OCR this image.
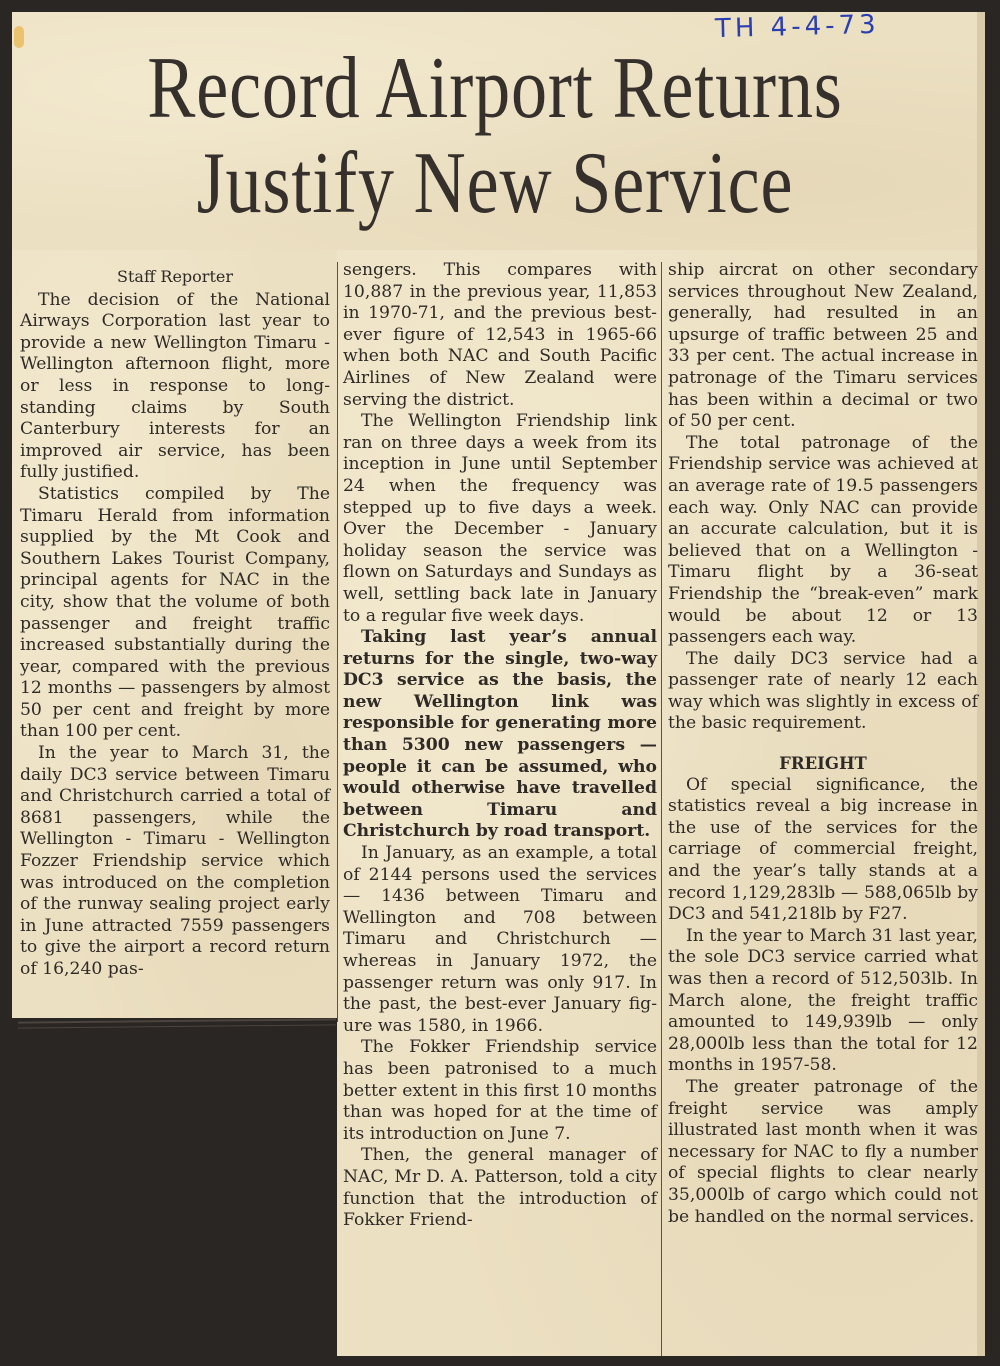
TH 4-4-73
Record Airport Returns
Justify New Service

Staff Reporter

The decision of the National Airways Corporation last year to provide a new Wellington Timaru - Wellington afternoon flight, more or less in response to long-standing claims by South Canterbury interests for an improved air service, has been fully justified.

Statistics compiled by The Timaru Herald from information supplied by the Mt Cook and Southern Lakes Tourist Company, principal agents for NAC in the city, show that the volume of both passenger and freight traffic increased substantially during the year, compared with the previous 12 months — passengers by almost 50 per cent and freight by more than 100 per cent.

In the year to March 31, the daily DC3 service between Timaru and Christchurch carried a total of 8681 passengers, while the Wellington - Timaru - Wellington Fozzer Friendship service which was introduced on the completion of the runway sealing project early in June attracted 7559 passengers to give the airport a record return of 16,240 pas-

sengers. This compares with 10,887 in the previous year, 11,853 in 1970-71, and the previous best-ever figure of 12,543 in 1965-66 when both NAC and South Pacific Airlines of New Zealand were serving the district.

The Wellington Friendship link ran on three days a week from its inception in June until September 24 when the frequency was stepped up to five days a week. Over the December - January holiday season the service was flown on Saturdays and Sundays as well, settling back late in January to a regular five week days.

Taking last year’s annual returns for the single, two-way DC3 service as the basis, the new Wellington link was responsible for generating more than 5300 new passengers — people it can be assumed, who would otherwise have travelled between Timaru and Christchurch by road transport.

In January, as an example, a total of 2144 persons used the services — 1436 between Timaru and Wellington and 708 between Timaru and Christchurch — whereas in January 1972, the passenger return was only 917. In the past, the best-ever January figure was 1580, in 1966.

The Fokker Friendship service has been patronised to a much better extent in this first 10 months than was hoped for at the time of its introduction on June 7.

Then, the general manager of NAC, Mr D. A. Patterson, told a city function that the introduction of Fokker Friend-

ship aircrat on other secondary services throughout New Zealand, generally, had resulted in an upsurge of traffic between 25 and 33 per cent. The actual increase in patronage of the Timaru services has been within a decimal or two of 50 per cent.

The total patronage of the Friendship service was achieved at an average rate of 19.5 passengers each way. Only NAC can provide an accurate calculation, but it is believed that on a Wellington - Timaru flight by a 36-seat Friendship the “break-even” mark would be about 12 or 13 passengers each way.

The daily DC3 service had a passenger rate of nearly 12 each way which was slightly in excess of the basic requirement.

FREIGHT

Of special significance, the statistics reveal a big increase in the use of the services for the carriage of commercial freight, and the year’s tally stands at a record 1,129,283lb — 588,065lb by DC3 and 541,218lb by F27.

In the year to March 31 last year, the sole DC3 service carried what was then a record of 512,503lb. In March alone, the freight traffic amounted to 149,939lb — only 28,000lb less than the total for 12 months in 1957-58.

The greater patronage of the freight service was amply illustrated last month when it was necessary for NAC to fly a number of special flights to clear nearly 35,000lb of cargo which could not be handled on the normal services.
